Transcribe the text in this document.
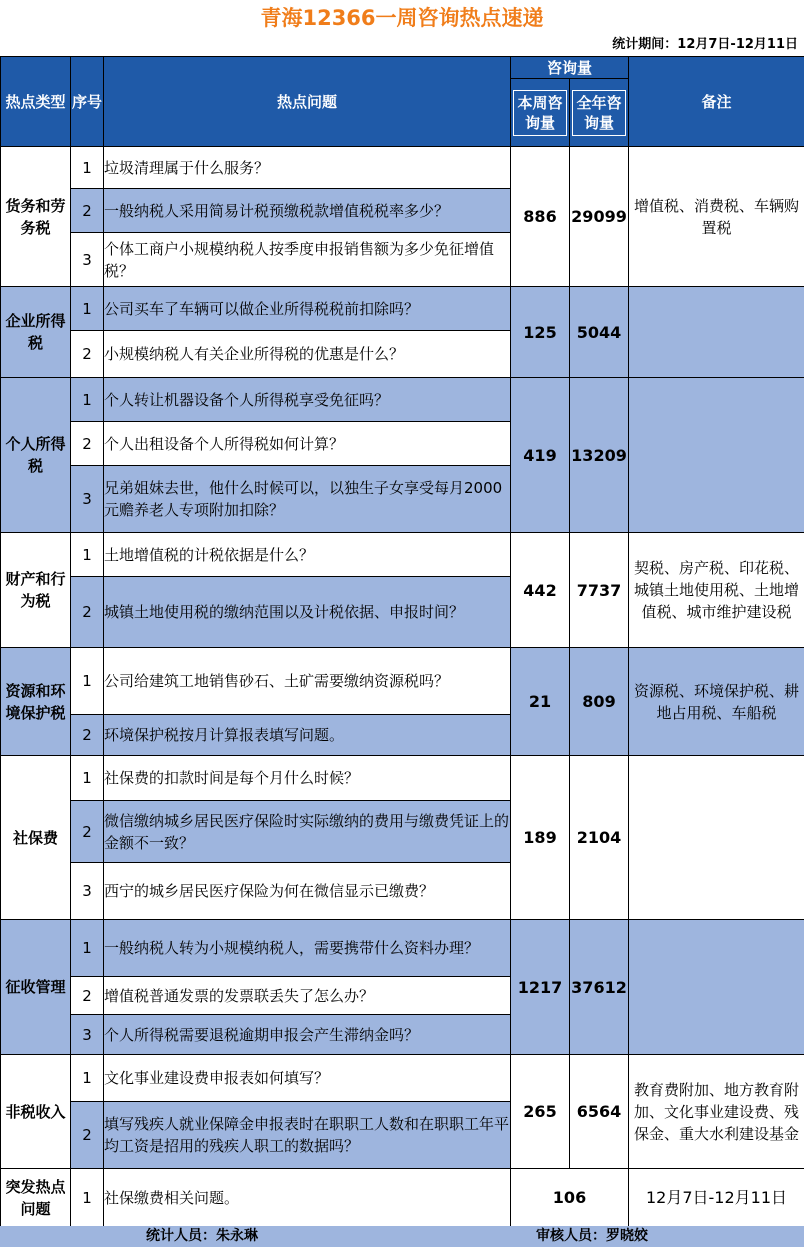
青海12366一周咨询热点速递
统计期间：12月7日-12月11日
热点类型	序号	热点问题	咨询量		备注

			本周咨询量	全年咨询量	

货务和劳务税	1	垃圾清理属于什么服务？	886	29099	增值税、消费税、车辆购置税
	2	一般纳税人采用简易计税预缴税款增值税税率多少？			
	3	个体工商户小规模纳税人按季度申报销售额为多少免征增值税？			
企业所得税	1	公司买车了车辆可以做企业所得税税前扣除吗？	125	5044	
	2	小规模纳税人有关企业所得税的优惠是什么？			
个人所得税	1	个人转让机器设备个人所得税享受免征吗？	419	13209	
	2	个人出租设备个人所得税如何计算？			
	3	兄弟姐妹去世，他什么时候可以，以独生子女享受每月2000元赡养老人专项附加扣除？			
财产和行为税	1	土地增值税的计税依据是什么？	442	7737	契税、房产税、印花税、城镇土地使用税、土地增值税、城市维护建设税
	2	城镇土地使用税的缴纳范围以及计税依据、申报时间？			
资源和环境保护税	1	公司给建筑工地销售砂石、土矿需要缴纳资源税吗？	21	809	资源税、环境保护税、耕地占用税、车船税
	2	环境保护税按月计算报表填写问题。			
社保费	1	社保费的扣款时间是每个月什么时候？	189	2104	
	2	微信缴纳城乡居民医疗保险时实际缴纳的费用与缴费凭证上的金额不一致？			
	3	西宁的城乡居民医疗保险为何在微信显示已缴费？			
征收管理	1	一般纳税人转为小规模纳税人，需要携带什么资料办理？	1217	37612	
	2	增值税普通发票的发票联丢失了怎么办？			
	3	个人所得税需要退税逾期申报会产生滞纳金吗？			
非税收入	1	文化事业建设费申报表如何填写？	265	6564	教育费附加、地方教育附加、文化事业建设费、残保金、重大水利建设基金
	2	填写残疾人就业保障金申报表时在职职工人数和在职职工年平均工资是招用的残疾人职工的数据吗？			
突发热点问题	1	社保缴费相关问题。	106		12月7日-12月11日
统计人员：朱永琳	审核人员：罗晓姣
